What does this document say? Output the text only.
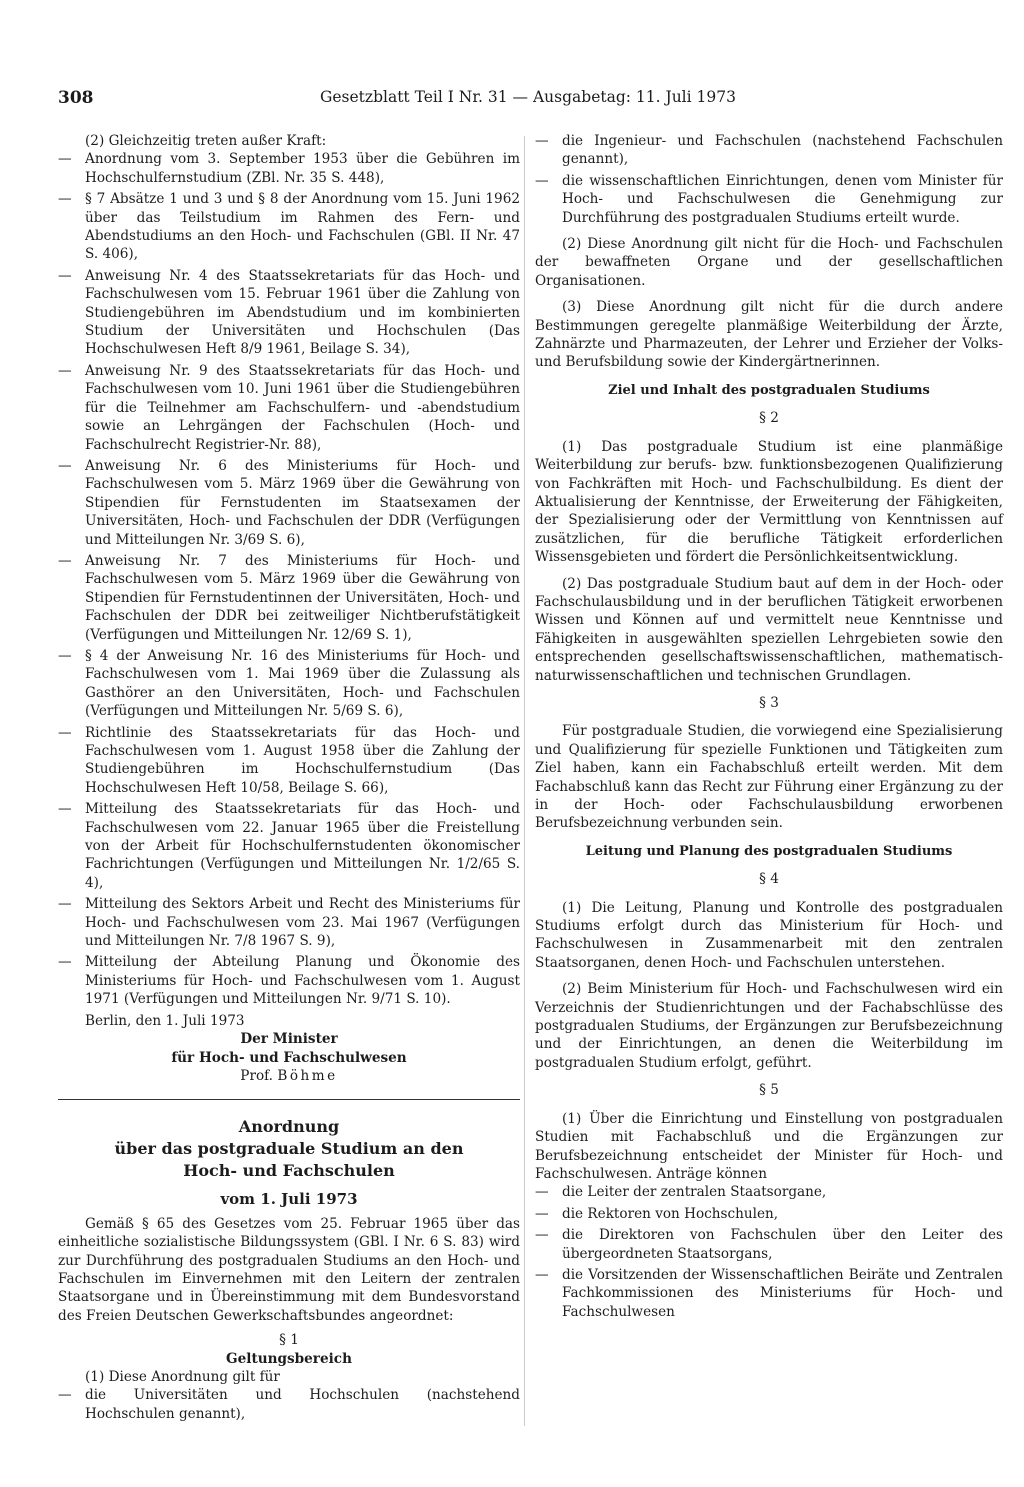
308	Gesetzblatt Teil I Nr. 31 — Ausgabetag: 11. Juli 1973

(2) Gleichzeitig treten außer Kraft:

— Anordnung vom 3. September 1953 über die Gebühren im Hochschulfernstudium (ZBl. Nr. 35 S. 448),

— § 7 Absätze 1 und 3 und § 8 der Anordnung vom 15. Juni 1962 über das Teilstudium im Rahmen des Fern- und Abendstudiums an den Hoch- und Fachschulen (GBl. II Nr. 47 S. 406),

— Anweisung Nr. 4 des Staatssekretariats für das Hoch- und Fachschulwesen vom 15. Februar 1961 über die Zahlung von Studiengebühren im Abendstudium und im kombinierten Studium der Universitäten und Hochschulen (Das Hochschulwesen Heft 8/9 1961, Beilage S. 34),

— Anweisung Nr. 9 des Staatssekretariats für das Hoch- und Fachschulwesen vom 10. Juni 1961 über die Studiengebühren für die Teilnehmer am Fachschulfern- und -abendstudium sowie an Lehrgängen der Fachschulen (Hoch- und Fachschulrecht Registrier-Nr. 88),

— Anweisung Nr. 6 des Ministeriums für Hoch- und Fachschulwesen vom 5. März 1969 über die Gewährung von Stipendien für Fernstudenten im Staatsexamen der Universitäten, Hoch- und Fachschulen der DDR (Verfügungen und Mitteilungen Nr. 3/69 S. 6),

— Anweisung Nr. 7 des Ministeriums für Hoch- und Fachschulwesen vom 5. März 1969 über die Gewährung von Stipendien für Fernstudentinnen der Universitäten, Hoch- und Fachschulen der DDR bei zeitweiliger Nichtberufstätigkeit (Verfügungen und Mitteilungen Nr. 12/69 S. 1),

— § 4 der Anweisung Nr. 16 des Ministeriums für Hoch- und Fachschulwesen vom 1. Mai 1969 über die Zulassung als Gasthörer an den Universitäten, Hoch- und Fachschulen (Verfügungen und Mitteilungen Nr. 5/69 S. 6),

— Richtlinie des Staatssekretariats für das Hoch- und Fachschulwesen vom 1. August 1958 über die Zahlung der Studiengebühren im Hochschulfernstudium (Das Hochschulwesen Heft 10/58, Beilage S. 66),

— Mitteilung des Staatssekretariats für das Hoch- und Fachschulwesen vom 22. Januar 1965 über die Freistellung von der Arbeit für Hochschulfernstudenten ökonomischer Fachrichtungen (Verfügungen und Mitteilungen Nr. 1/2/65 S. 4),

— Mitteilung des Sektors Arbeit und Recht des Ministeriums für Hoch- und Fachschulwesen vom 23. Mai 1967 (Verfügungen und Mitteilungen Nr. 7/8 1967 S. 9),

— Mitteilung der Abteilung Planung und Ökonomie des Ministeriums für Hoch- und Fachschulwesen vom 1. August 1971 (Verfügungen und Mitteilungen Nr. 9/71 S. 10).

Berlin, den 1. Juli 1973

Der Minister

für Hoch- und Fachschulwesen

Prof. Böhme

Anordnung

über das postgraduale Studium an den

Hoch- und Fachschulen

vom 1. Juli 1973

Gemäß § 65 des Gesetzes vom 25. Februar 1965 über das einheitliche sozialistische Bildungssystem (GBl. I Nr. 6 S. 83) wird zur Durchführung des postgradualen Studiums an den Hoch- und Fachschulen im Einvernehmen mit den Leitern der zentralen Staatsorgane und in Übereinstimmung mit dem Bundesvorstand des Freien Deutschen Gewerkschaftsbundes angeordnet:

§ 1

Geltungsbereich

(1) Diese Anordnung gilt für

— die Universitäten und Hochschulen (nachstehend Hochschulen genannt),

— die Ingenieur- und Fachschulen (nachstehend Fachschulen genannt),

— die wissenschaftlichen Einrichtungen, denen vom Minister für Hoch- und Fachschulwesen die Genehmigung zur Durchführung des postgradualen Studiums erteilt wurde.

(2) Diese Anordnung gilt nicht für die Hoch- und Fachschulen der bewaffneten Organe und der gesellschaftlichen Organisationen.

(3) Diese Anordnung gilt nicht für die durch andere Bestimmungen geregelte planmäßige Weiterbildung der Ärzte, Zahnärzte und Pharmazeuten, der Lehrer und Erzieher der Volks- und Berufsbildung sowie der Kindergärtnerinnen.

Ziel und Inhalt des postgradualen Studiums

§ 2

(1) Das postgraduale Studium ist eine planmäßige Weiterbildung zur berufs- bzw. funktionsbezogenen Qualifizierung von Fachkräften mit Hoch- und Fachschulbildung. Es dient der Aktualisierung der Kenntnisse, der Erweiterung der Fähigkeiten, der Spezialisierung oder der Vermittlung von Kenntnissen auf zusätzlichen, für die berufliche Tätigkeit erforderlichen Wissensgebieten und fördert die Persönlichkeitsentwicklung.

(2) Das postgraduale Studium baut auf dem in der Hoch- oder Fachschulausbildung und in der beruflichen Tätigkeit erworbenen Wissen und Können auf und vermittelt neue Kenntnisse und Fähigkeiten in ausgewählten speziellen Lehrgebieten sowie den entsprechenden gesellschaftswissenschaftlichen, mathematisch-naturwissenschaftlichen und technischen Grundlagen.

§ 3

Für postgraduale Studien, die vorwiegend eine Spezialisierung und Qualifizierung für spezielle Funktionen und Tätigkeiten zum Ziel haben, kann ein Fachabschluß erteilt werden. Mit dem Fachabschluß kann das Recht zur Führung einer Ergänzung zu der in der Hoch- oder Fachschulausbildung erworbenen Berufsbezeichnung verbunden sein.

Leitung und Planung des postgradualen Studiums

§ 4

(1) Die Leitung, Planung und Kontrolle des postgradualen Studiums erfolgt durch das Ministerium für Hoch- und Fachschulwesen in Zusammenarbeit mit den zentralen Staatsorganen, denen Hoch- und Fachschulen unterstehen.

(2) Beim Ministerium für Hoch- und Fachschulwesen wird ein Verzeichnis der Studienrichtungen und der Fachabschlüsse des postgradualen Studiums, der Ergänzungen zur Berufsbezeichnung und der Einrichtungen, an denen die Weiterbildung im postgradualen Studium erfolgt, geführt.

§ 5

(1) Über die Einrichtung und Einstellung von postgradualen Studien mit Fachabschluß und die Ergänzungen zur Berufsbezeichnung entscheidet der Minister für Hoch- und Fachschulwesen. Anträge können

— die Leiter der zentralen Staatsorgane,

— die Rektoren von Hochschulen,

— die Direktoren von Fachschulen über den Leiter des übergeordneten Staatsorgans,

— die Vorsitzenden der Wissenschaftlichen Beiräte und Zentralen Fachkommissionen des Ministeriums für Hoch- und Fachschulwesen
